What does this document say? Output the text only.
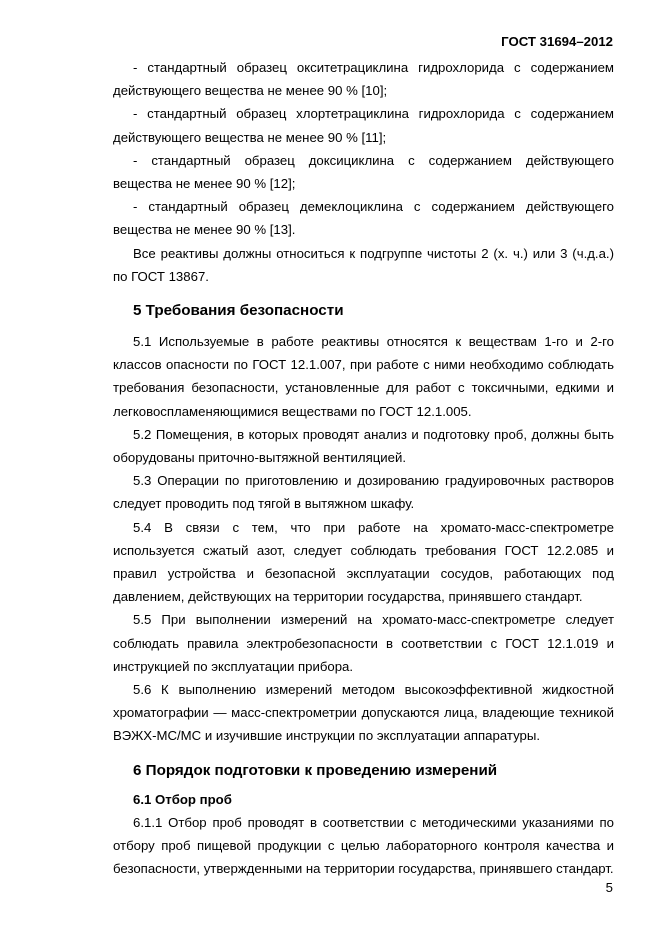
ГОСТ 31694–2012

- стандартный образец окситетрациклина гидрохлорида с содержанием действующего вещества не менее 90 % [10];

- стандартный образец хлортетрациклина гидрохлорида с содержанием действующего вещества не менее 90 % [11];

- стандартный образец доксициклина с содержанием действующего вещества не менее 90 % [12];

- стандартный образец демеклоциклина с содержанием действующего вещества не менее 90 % [13].

Все реактивы должны относиться к подгруппе чистоты 2 (х. ч.) или 3 (ч.д.а.) по ГОСТ 13867.

5 Требования безопасности

5.1 Используемые в работе реактивы относятся к веществам 1-го и 2-го классов опасности по ГОСТ 12.1.007, при работе с ними необходимо соблюдать требования безопасности, установленные для работ с токсичными, едкими и легковоспламеняющимися веществами по ГОСТ 12.1.005.

5.2 Помещения, в которых проводят анализ и подготовку проб, должны быть оборудованы приточно-вытяжной вентиляцией.

5.3 Операции по приготовлению и дозированию градуировочных растворов следует проводить под тягой в вытяжном шкафу.

5.4 В связи с тем, что при работе на хромато-масс-спектрометре используется сжатый азот, следует соблюдать требования ГОСТ 12.2.085 и правил устройства и безопасной эксплуатации сосудов, работающих под давлением, действующих на территории государства, принявшего стандарт.

5.5 При выполнении измерений на хромато-масс-спектрометре следует соблюдать правила электробезопасности в соответствии с ГОСТ 12.1.019 и инструкцией по эксплуатации прибора.

5.6 К выполнению измерений методом высокоэффективной жидкостной хроматографии — масс-спектрометрии допускаются лица, владеющие техникой ВЭЖХ-МС/МС и изучившие инструкции по эксплуатации аппаратуры.

6 Порядок подготовки к проведению измерений
6.1 Отбор проб

6.1.1 Отбор проб проводят в соответствии с методическими указаниями по отбору проб пищевой продукции с целью лабораторного контроля качества и безопасности, утвержденными на территории государства, принявшего стандарт.

5
